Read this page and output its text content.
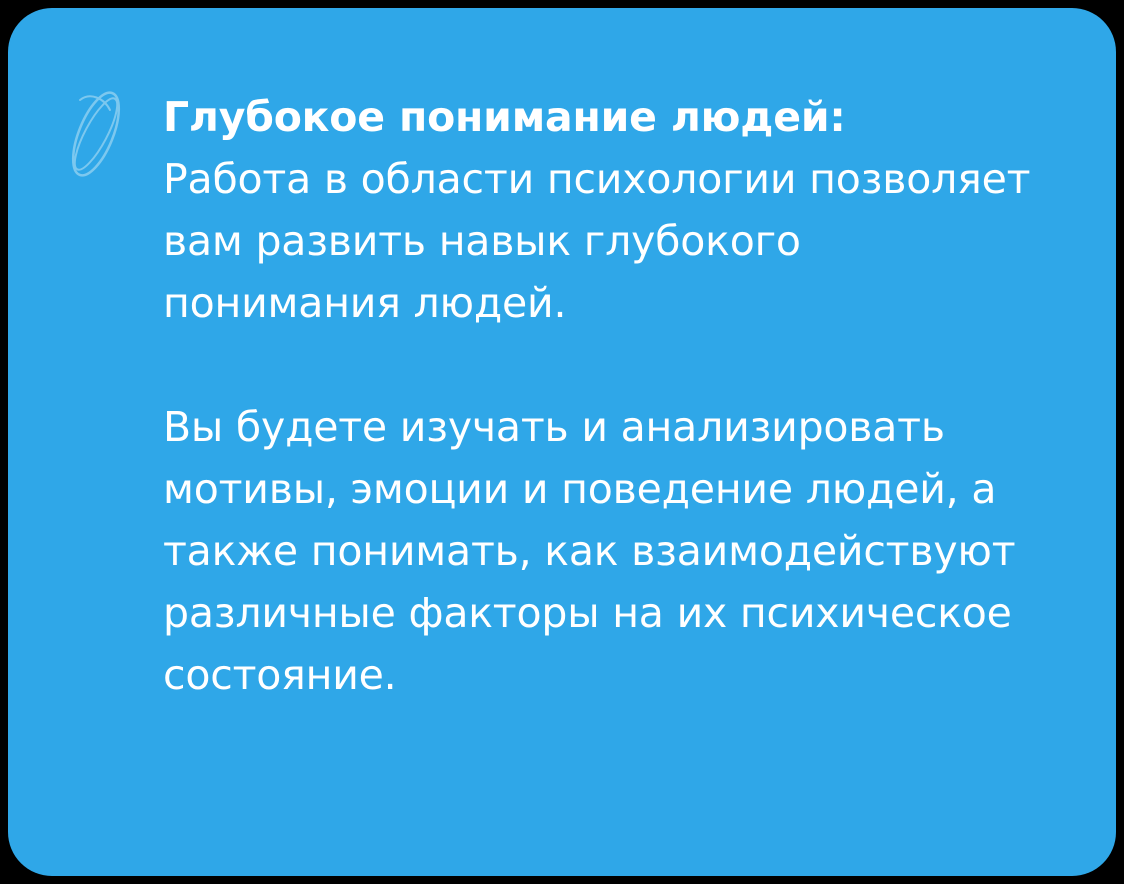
Глубокое понимание людей:
Работа в области психологии позволяет вам развить навык глубокого понимания людей.

Вы будете изучать и анализировать мотивы, эмоции и поведение людей, а также понимать, как взаимодействуют различные факторы на их психическое состояние.
